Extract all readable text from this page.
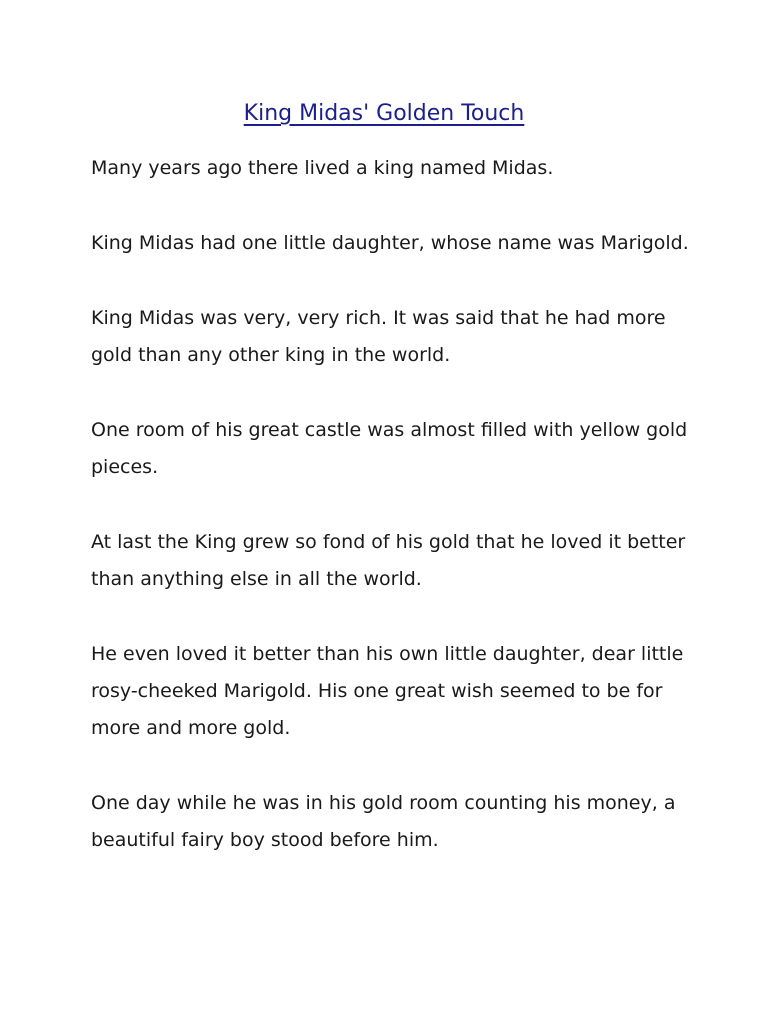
King Midas' Golden Touch

Many years ago there lived a king named Midas.

King Midas had one little daughter, whose name was Marigold.

King Midas was very, very rich. It was said that he had more gold than any other king in the world.

One room of his great castle was almost filled with yellow gold pieces.

At last the King grew so fond of his gold that he loved it better than anything else in all the world.

He even loved it better than his own little daughter, dear little rosy-cheeked Marigold. His one great wish seemed to be for more and more gold.

One day while he was in his gold room counting his money, a beautiful fairy boy stood before him.
